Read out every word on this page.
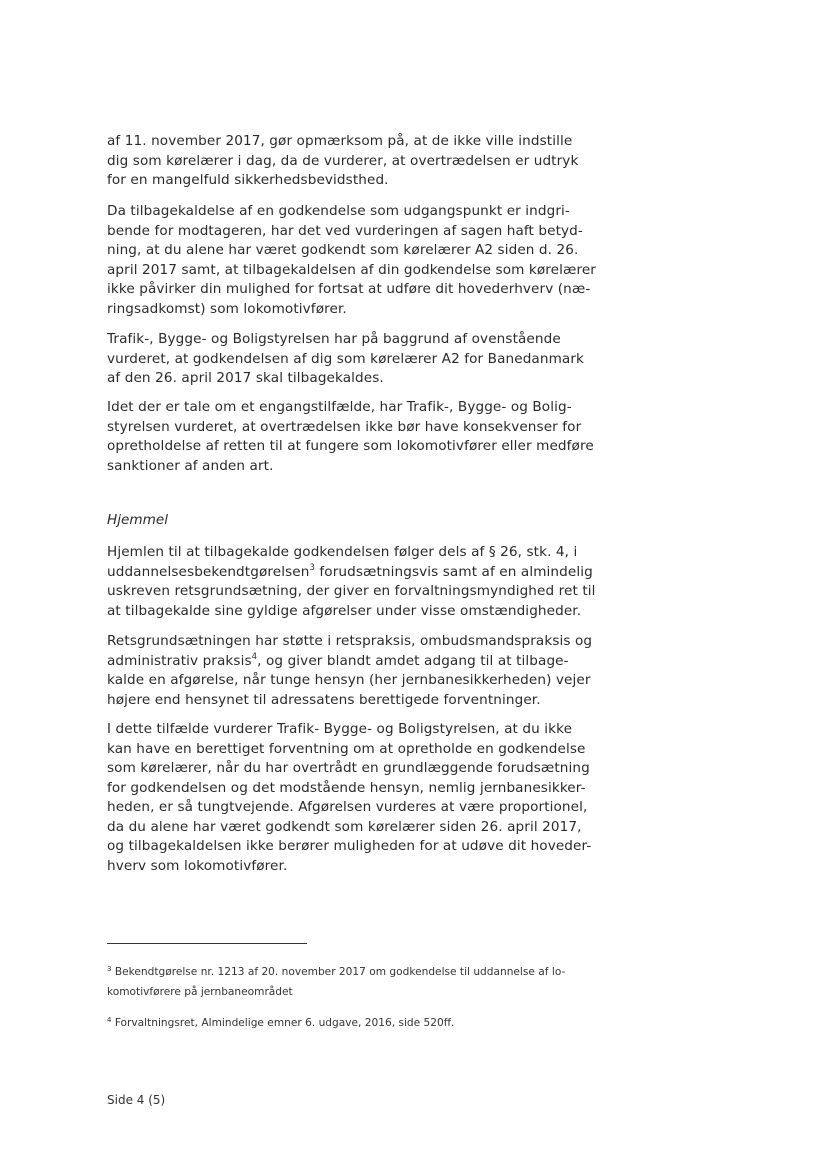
af 11. november 2017, gør opmærksom på, at de ikke ville indstille

dig som kørelærer i dag, da de vurderer, at overtrædelsen er udtryk

for en mangelfuld sikkerhedsbevidsthed.

Da tilbagekaldelse af en godkendelse som udgangspunkt er indgri-

bende for modtageren, har det ved vurderingen af sagen haft betyd-

ning, at du alene har været godkendt som kørelærer A2 siden d. 26.

april 2017 samt, at tilbagekaldelsen af din godkendelse som kørelærer

ikke påvirker din mulighed for fortsat at udføre dit hovederhverv (næ-

ringsadkomst) som lokomotivfører.

Trafik-, Bygge- og Boligstyrelsen har på baggrund af ovenstående

vurderet, at godkendelsen af dig som kørelærer A2 for Banedanmark

af den 26. april 2017 skal tilbagekaldes.

Idet der er tale om et engangstilfælde, har Trafik-, Bygge- og Bolig-

styrelsen vurderet, at overtrædelsen ikke bør have konsekvenser for

opretholdelse af retten til at fungere som lokomotivfører eller medføre

sanktioner af anden art.

Hjemmel

Hjemlen til at tilbagekalde godkendelsen følger dels af § 26, stk. 4, i

uddannelsesbekendtgørelsen$^3$ forudsætningsvis samt af en almindelig

uskreven retsgrundsætning, der giver en forvaltningsmyndighed ret til

at tilbagekalde sine gyldige afgørelser under visse omstændigheder.

Retsgrundsætningen har støtte i retspraksis, ombudsmandspraksis og

administrativ praksis$^4$, og giver blandt amdet adgang til at tilbage-

kalde en afgørelse, når tunge hensyn (her jernbanesikkerheden) vejer

højere end hensynet til adressatens berettigede forventninger.

I dette tilfælde vurderer Trafik- Bygge- og Boligstyrelsen, at du ikke

kan have en berettiget forventning om at opretholde en godkendelse

som kørelærer, når du har overtrådt en grundlæggende forudsætning

for godkendelsen og det modstående hensyn, nemlig jernbanesikker-

heden, er så tungtvejende. Afgørelsen vurderes at være proportionel,

da du alene har været godkendt som kørelærer siden 26. april 2017,

og tilbagekaldelsen ikke berører muligheden for at udøve dit hoveder-

hverv som lokomotivfører.

$^3$ Bekendtgørelse nr. 1213 af 20. november 2017 om godkendelse til uddannelse af lo-
komotivførere på jernbaneområdet
$^4$ Forvaltningsret, Almindelige emner 6. udgave, 2016, side 520ff.
Side 4 (5)
